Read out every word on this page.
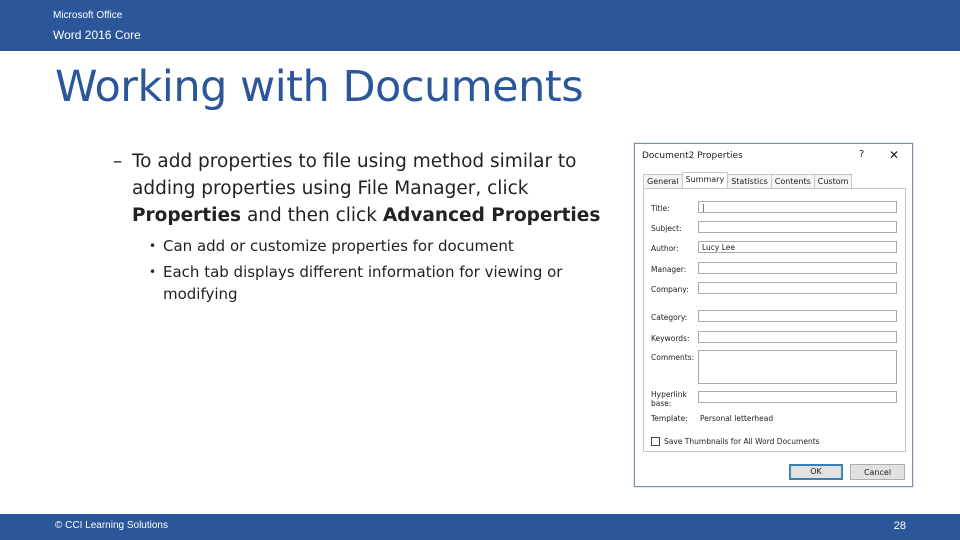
Microsoft Office
Word 2016 Core
Working with Documents
– To add properties to file using method similar to adding properties using File Manager, click Properties and then click Advanced Properties
• Can add or customize properties for document
• Each tab displays different information for viewing or modifying
Document2 Properties	? ✕
General Summary Statistics Contents Custom
Title:	|
Subject:
Author:	Lucy Lee
Manager:
Company:
Category:
Keywords:
Comments:
Hyperlink
base:
Template: Personal letterhead
Save Thumbnails for All Word Documents
OK	Cancel
© CCI Learning Solutions	28
